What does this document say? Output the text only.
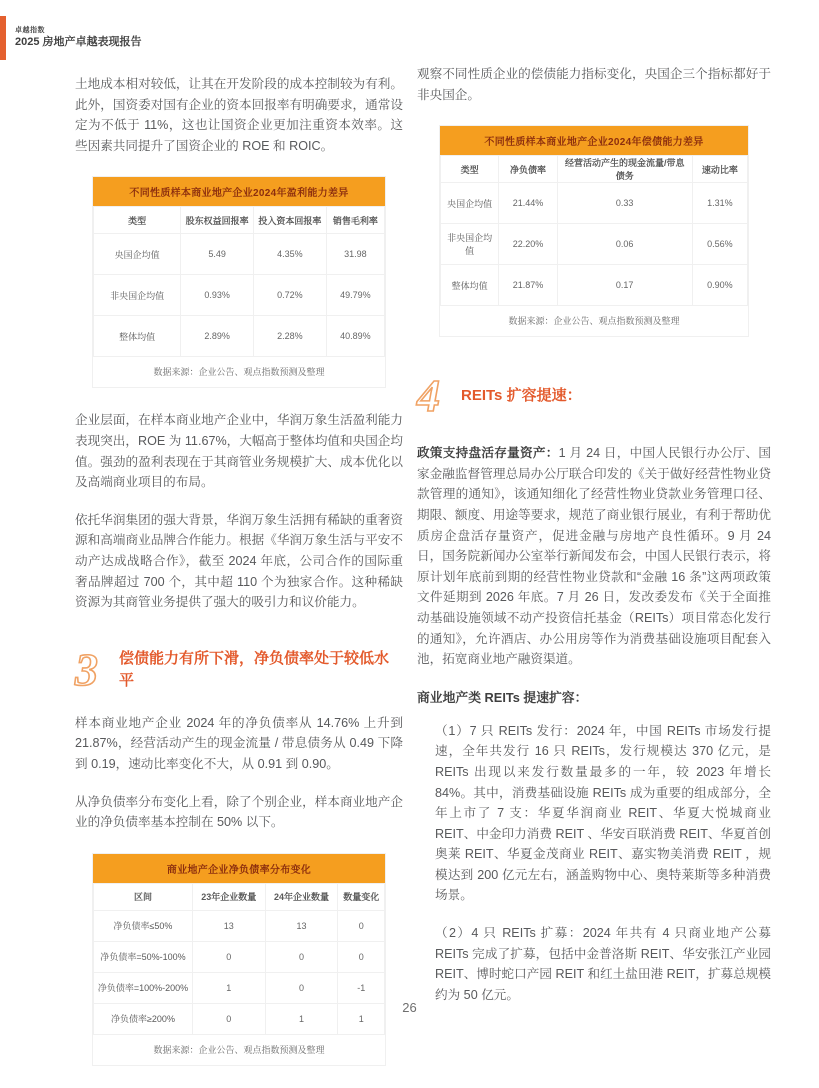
卓越指数
2025 房地产卓越表现报告

土地成本相对较低，让其在开发阶段的成本控制较为有利。此外，国资委对国有企业的资本回报率有明确要求，通常设定为不低于 11%，这也让国资企业更加注重资本效率。这些因素共同提升了国资企业的 ROE 和 ROIC。

不同性质样本商业地产企业2024年盈利能力差异
类型	股东权益回报率	投入资本回报率	销售毛利率
央国企均值	5.49	4.35%	31.98
非央国企均值	0.93%	0.72%	49.79%
整体均值	2.89%	2.28%	40.89%
数据来源：企业公告、观点指数预测及整理

企业层面，在样本商业地产企业中，华润万象生活盈利能力表现突出，ROE 为 11.67%，大幅高于整体均值和央国企均值。强劲的盈利表现在于其商管业务规模扩大、成本优化以及高端商业项目的布局。

依托华润集团的强大背景，华润万象生活拥有稀缺的重奢资源和高端商业品牌合作能力。根据《华润万象生活与平安不动产达成战略合作》，截至 2024 年底，公司合作的国际重奢品牌超过 700 个，其中超 110 个为独家合作。这种稀缺资源为其商管业务提供了强大的吸引力和议价能力。

3	偿债能力有所下滑，净负债率处于较低水平

样本商业地产企业 2024 年的净负债率从 14.76% 上升到 21.87%，经营活动产生的现金流量 / 带息债务从 0.49 下降到 0.19，速动比率变化不大，从 0.91 到 0.90。

从净负债率分布变化上看，除了个别企业，样本商业地产企业的净负债率基本控制在 50% 以下。

商业地产企业净负债率分布变化
区间	23年企业数量	24年企业数量	数量变化
净负债率≤50%	13	13	0
净负债率=50%-100%	0	0	0
净负债率=100%-200%	1	0	-1
净负债率≥200%	0	1	1
数据来源：企业公告、观点指数预测及整理

观察不同性质企业的偿债能力指标变化，央国企三个指标都好于非央国企。

不同性质样本商业地产企业2024年偿债能力差异
类型	净负债率	经营活动产生的现金流量/带息债务	速动比率
央国企均值	21.44%	0.33	1.31%
非央国企均值	22.20%	0.06	0.56%
整体均值	21.87%	0.17	0.90%
数据来源：企业公告、观点指数预测及整理
4	REITs 扩容提速：

政策支持盘活存量资产：1 月 24 日，中国人民银行办公厅、国家金融监督管理总局办公厅联合印发的《关于做好经营性物业贷款管理的通知》，该通知细化了经营性物业贷款业务管理口径、期限、额度、用途等要求，规范了商业银行展业，有利于帮助优质房企盘活存量资产，促进金融与房地产良性循环。9 月 24 日，国务院新闻办公室举行新闻发布会，中国人民银行表示，将原计划年底前到期的经营性物业贷款和“金融 16 条”这两项政策文件延期到 2026 年底。7 月 26 日，发改委发布《关于全面推动基础设施领域不动产投资信托基金（REITs）项目常态化发行的通知》，允许酒店、办公用房等作为消费基础设施项目配套入池，拓宽商业地产融资渠道。

商业地产类 REITs 提速扩容：

（1）7 只 REITs 发行：2024 年，中国 REITs 市场发行提速，全年共发行 16 只 REITs，发行规模达 370 亿元，是 REITs 出现以来发行数量最多的一年，较 2023 年增长 84%。其中，消费基础设施 REITs 成为重要的组成部分，全年上市了 7 支：华夏华润商业 REIT、华夏大悦城商业 REIT、中金印力消费 REIT 、华安百联消费 REIT、华夏首创奥莱 REIT、华夏金茂商业 REIT、嘉实物美消费 REIT ，规模达到 200 亿元左右，涵盖购物中心、奥特莱斯等多种消费场景。

（2）4 只 REITs 扩募：2024 年共有 4 只商业地产公募 REITs 完成了扩募，包括中金普洛斯 REIT、华安张江产业园 REIT、博时蛇口产园 REIT 和红土盐田港 REIT，扩募总规模约为 50 亿元。

26
